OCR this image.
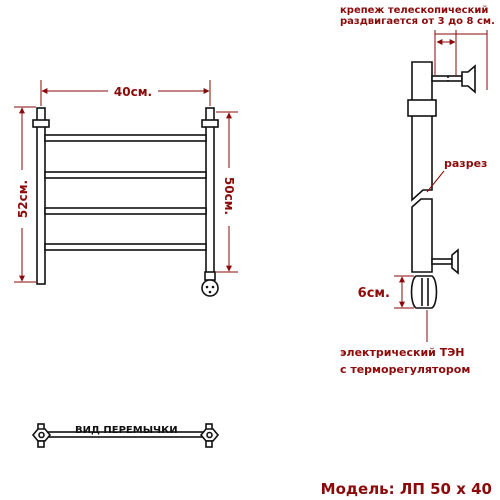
40см.
52см.	50см.
крепеж телескопический
раздвигается от 3 до 8 см.
разрез
6см.
электрический ТЭН
с терморегулятором
ВИД ПЕРЕМЫЧКИ
Модель: ЛП 50 х 40
